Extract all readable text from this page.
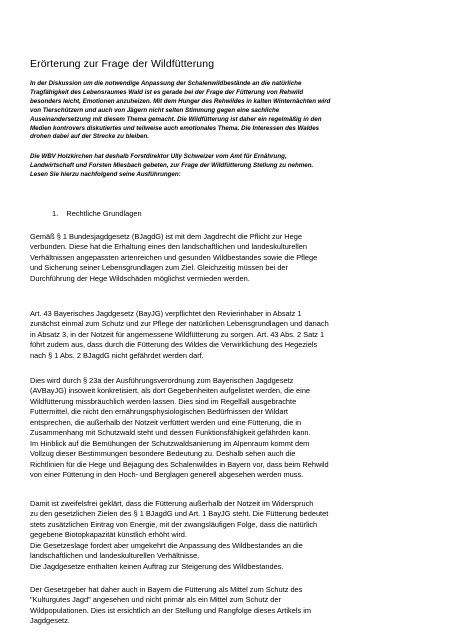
Erörterung zur Frage der Wildfütterung
In der Diskussion um die notwendige Anpassung der Schalenwildbestände an die natürliche
Tragfähigkeit des Lebensraumes Wald ist es gerade bei der Frage der Fütterung von Rehwild
besonders leicht, Emotionen anzuheizen. Mit dem Hunger des Rehwildes in kalten Winternächten wird
von Tierschützern und auch von Jägern nicht selten Stimmung gegen eine sachliche
Auseinandersetzung mit diesem Thema gemacht. Die Wildfütterung ist daher ein regelmäßig in den
Medien kontrovers diskutiertes und teilweise auch emotionales Thema. Die Interessen des Waldes
drohen dabei auf der Strecke zu bleiben.
Die WBV Holzkirchen hat deshalb Forstdirektor Ully Schweizer vom Amt für Ernährung,
Landwirtschaft und Forsten Miesbach gebeten, zur Frage der Wildfütterung Stellung zu nehmen.
Lesen Sie hierzu nachfolgend seine Ausführungen:
1.    Rechtliche Grundlagen
Gemäß § 1 Bundesjagdgesetz (BJagdG) ist mit dem Jagdrecht die Pflicht zur Hege
verbunden. Diese hat die Erhaltung eines den landschaftlichen und landeskulturellen
Verhältnissen angepassten artenreichen und gesunden Wildbestandes sowie die Pflege
und Sicherung seiner Lebensgrundlagen zum Ziel. Gleichzeitig müssen bei der
Durchführung der Hege Wildschäden möglichst vermieden werden.
Art. 43 Bayerisches Jagdgesetz (BayJG) verpflichtet den Revierinhaber in Absatz 1
zunächst einmal zum Schutz und zur Pflege der natürlichen Lebensgrundlagen und danach
in Absatz 3, in der Notzeit für angemessene Wildfütterung zu sorgen. Art. 43 Abs. 2 Satz 1
führt zudem aus, dass durch die Fütterung des Wildes die Verwirklichung des Hegeziels
nach § 1 Abs. 2 BJagdG nicht gefährdet werden darf.
Dies wird durch § 23a der Ausführungsverordnung zum Bayerischen Jagdgesetz
(AVBayJG) insoweit konkretisiert, als dort Gegebenheiten aufgelistet werden, die eine
Wildfütterung missbräuchlich werden lassen. Dies sind im Regelfall ausgebrachte
Futtermittel, die nicht den ernährungsphysiologischen Bedürfnissen der Wildart
entsprechen, die außerhalb der Notzeit verfüttert werden und eine Fütterung, die in
Zusammenhang mit Schutzwald steht und dessen Funktionsfähigkeit gefährden kann.
Im Hinblick auf die Bemühungen der Schutzwaldsanierung im Alpenraum kommt dem
Vollzug dieser Bestimmungen besondere Bedeutung zu. Deshalb sehen auch die
Richtlinien für die Hege und Bejagung des Schalenwildes in Bayern vor, dass beim Rehwild
von einer Fütterung in den Hoch- und Berglagen generell abgesehen werden muss.
Damit ist zweifelsfrei geklärt, dass die Fütterung außerhalb der Notzeit im Widerspruch
zu den gesetzlichen Zielen des § 1 BJagdG und Art. 1 BayJG steht. Die Fütterung bedeutet
stets zusätzlichen Eintrag von Energie, mit der zwangsläufigen Folge, dass die natürlich
gegebene Biotopkapazität künstlich erhöht wird.
Die Gesetzeslage fordert aber umgekehrt die Anpassung des Wildbestandes an die
landschaftlichen und landeskulturellen Verhältnisse.
Die Jagdgesetze enthalten keinen Auftrag zur Steigerung des Wildbestandes.
Der Gesetzgeber hat daher auch in Bayern die Fütterung als Mittel zum Schutz des
"Kulturgutes Jagd" angesehen und nicht primär als ein Mittel zum Schutz der
Wildpopulationen. Dies ist ersichtlich an der Stellung und Rangfolge dieses Artikels im
Jagdgesetz.
